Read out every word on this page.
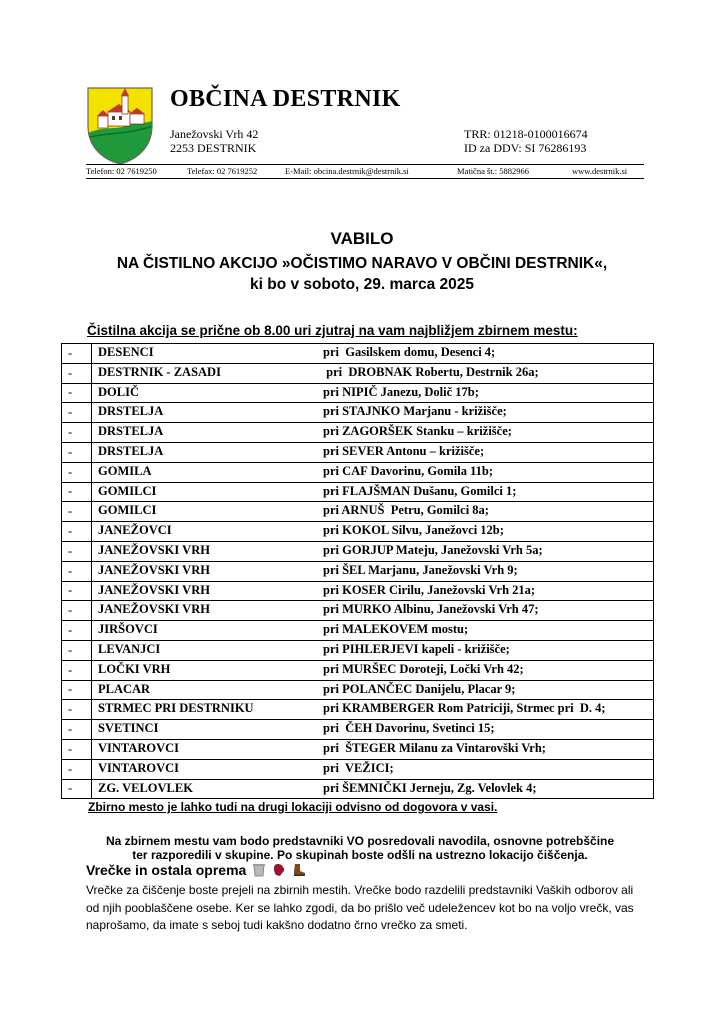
OBČINA DESTRNIK
Janežovski Vrh 42
2253 DESTRNIK
TRR: 01218-0100016674
ID za DDV: SI 76286193
Telefon: 02 7619250	Telefax: 02 7619252	E-Mail: obcina.destrnik@destrnik.si	Matična št.: 5882966	www.destrnik.si
VABILO
NA ČISTILNO AKCIJO »OČISTIMO NARAVO V OBČINI DESTRNIK«,
ki bo v soboto, 29. marca 2025
Čistilna akcija se prične ob 8.00 uri zjutraj na vam najbližjem zbirnem mestu:
-	DESENCI pri  Gasilskem domu, Desenci 4;

-	DESTRNIK - ZASADI pri  DROBNAK Robertu, Destrnik 26a;

-	DOLIČ pri NIPIČ Janezu, Dolič 17b;

-	DRSTELJA pri STAJNKO Marjanu - križišče;

-	DRSTELJA pri ZAGORŠEK Stanku – križišče;

-	DRSTELJA pri SEVER Antonu – križišče;

-	GOMILA pri CAF Davorinu, Gomila 11b;

-	GOMILCI pri FLAJŠMAN Dušanu, Gomilci 1;

-	GOMILCI pri ARNUŠ  Petru, Gomilci 8a;

-	JANEŽOVCI pri KOKOL Silvu, Janežovci 12b;

-	JANEŽOVSKI VRH pri GORJUP Mateju, Janežovski Vrh 5a;

-	JANEŽOVSKI VRH pri ŠEL Marjanu, Janežovski Vrh 9;

-	JANEŽOVSKI VRH pri KOSER Cirilu, Janežovski Vrh 21a;

-	JANEŽOVSKI VRH pri MURKO Albinu, Janežovski Vrh 47;

-	JIRŠOVCI pri MALEKOVEM mostu;

-	LEVANJCI pri PIHLERJEVI kapeli - križišče;

-	LOČKI VRH pri MURŠEC Doroteji, Ločki Vrh 42;

-	PLACAR pri POLANČEC Danijelu, Placar 9;

-	STRMEC PRI DESTRNIKU pri KRAMBERGER Rom Patriciji, Strmec pri  D. 4;

-	SVETINCI pri  ČEH Davorinu, Svetinci 15;

-	VINTAROVCI pri  ŠTEGER Milanu za Vintarovški Vrh;

-	VINTAROVCI pri  VEŽICI;

-	ZG. VELOVLEK pri ŠEMNIČKI Jerneju, Zg. Velovlek 4;
Zbirno mesto je lahko tudi na drugi lokaciji odvisno od dogovora v vasi.
Na zbirnem mestu vam bodo predstavniki VO posredovali navodila, osnovne potrebščine
ter razporedili v skupine. Po skupinah boste odšli na ustrezno lokacijo čiščenja.
Vrečke in ostala oprema
Vrečke za čiščenje boste prejeli na zbirnih mestih. Vrečke bodo razdelili predstavniki Vaških odborov ali od njih pooblaščene osebe. Ker se lahko zgodi, da bo prišlo več udeležencev kot bo na voljo vrečk, vas naprošamo, da imate s seboj tudi kakšno dodatno črno vrečko za smeti.
